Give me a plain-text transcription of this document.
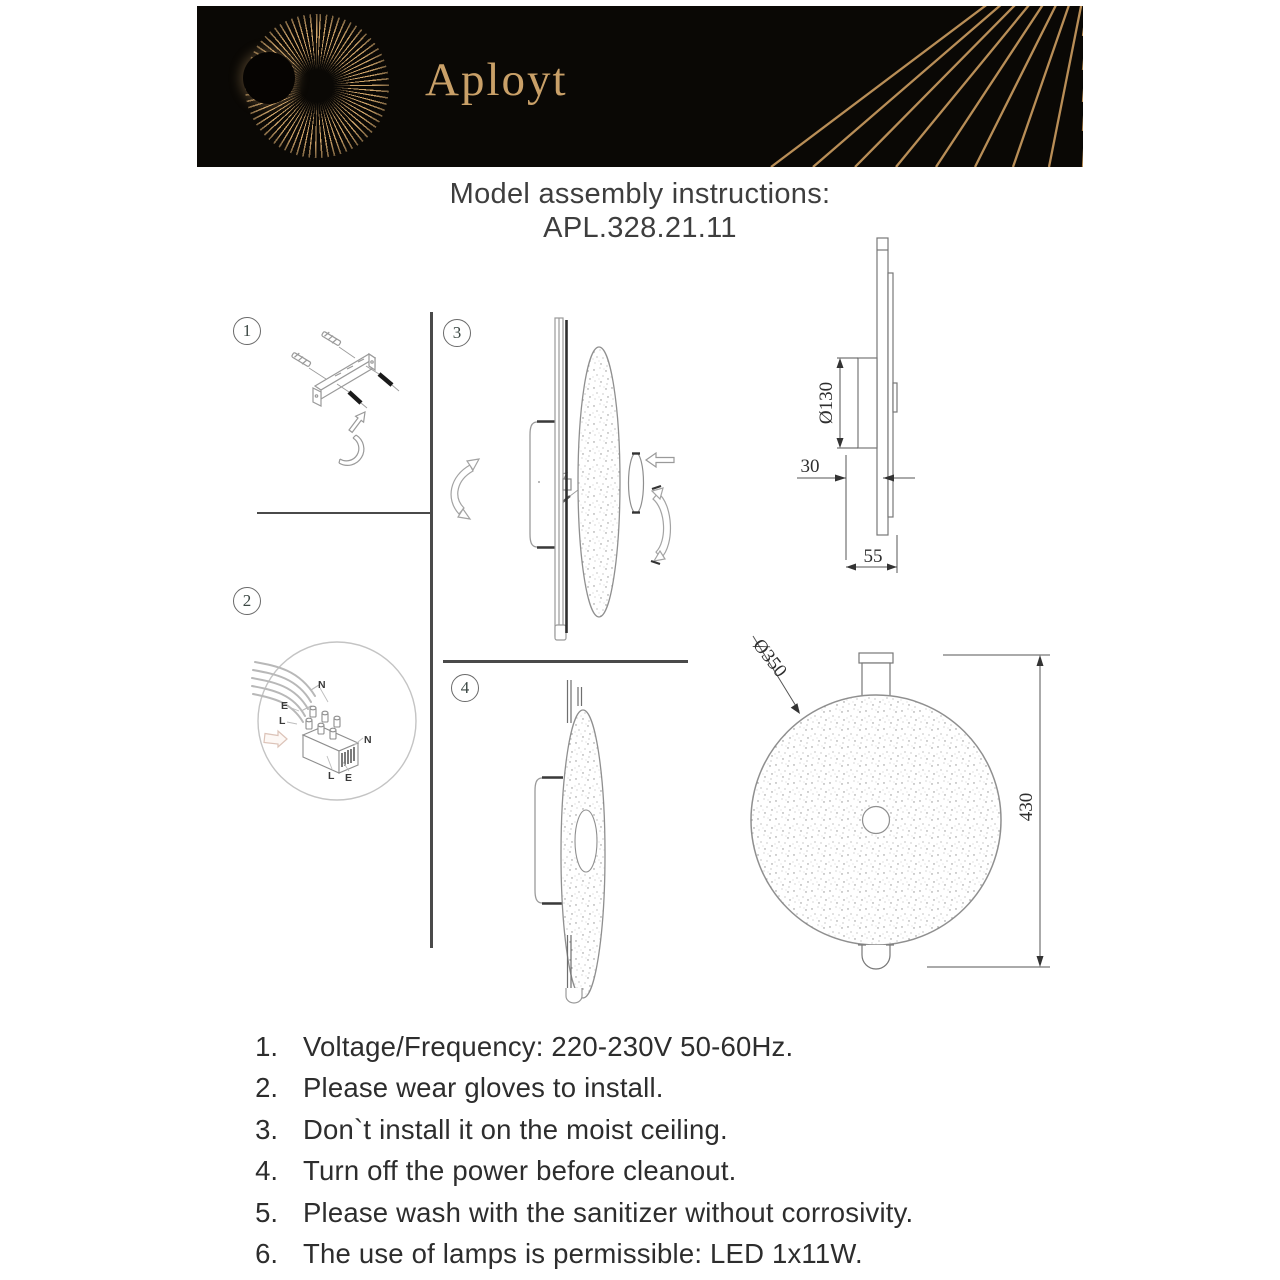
Aployt
Model assembly instructions:
APL.328.21.11
1
2
3
4
N
E
L
N
L E
Ø130
30
55
Ø350
430
1. Voltage/Frequency: 220-230V 50-60Hz.
2. Please wear gloves to install.
3. Don`t install it on the moist ceiling.
4. Turn off the power before cleanout.
5. Please wash with the sanitizer without corrosivity.
6. The use of lamps is permissible: LED 1x11W.
